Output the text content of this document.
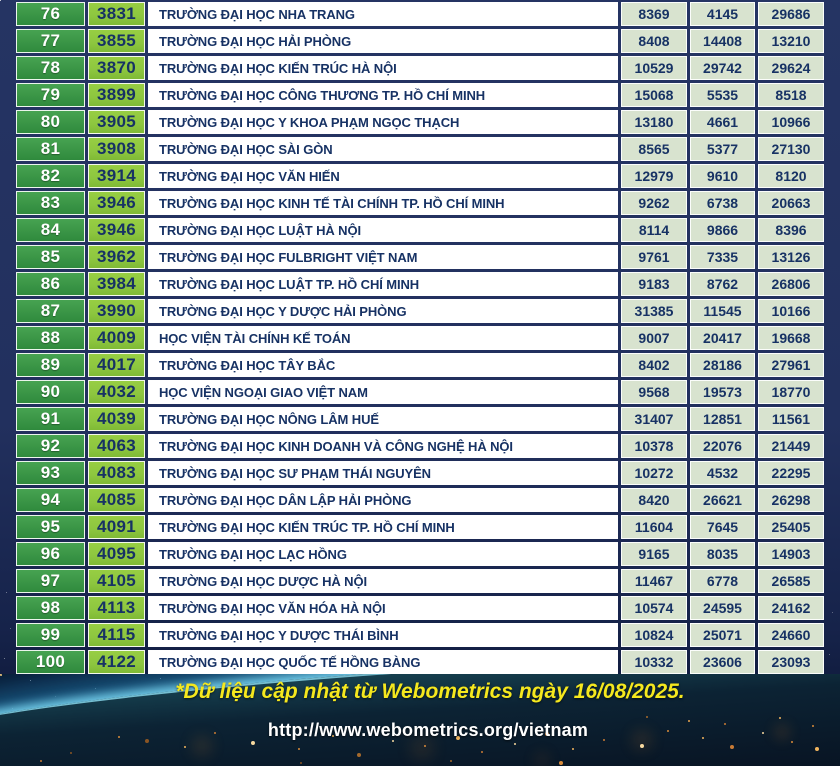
76	3831	TRƯỜNG ĐẠI HỌC NHA TRANG	8369	4145	29686
77	3855	TRƯỜNG ĐẠI HỌC HẢI PHÒNG	8408	14408	13210
78	3870	TRƯỜNG ĐẠI HỌC KIẾN TRÚC HÀ NỘI	10529	29742	29624
79	3899	TRƯỜNG ĐẠI HỌC CÔNG THƯƠNG TP. HỒ CHÍ MINH	15068	5535	8518
80	3905	TRƯỜNG ĐẠI HỌC Y KHOA PHẠM NGỌC THẠCH	13180	4661	10966
81	3908	TRƯỜNG ĐẠI HỌC SÀI GÒN	8565	5377	27130
82	3914	TRƯỜNG ĐẠI HỌC VĂN HIẾN	12979	9610	8120
83	3946	TRƯỜNG ĐẠI HỌC KINH TẾ TÀI CHÍNH TP. HỒ CHÍ MINH	9262	6738	20663
84	3946	TRƯỜNG ĐẠI HỌC LUẬT HÀ NỘI	8114	9866	8396
85	3962	TRƯỜNG ĐẠI HỌC FULBRIGHT VIỆT NAM	9761	7335	13126
86	3984	TRƯỜNG ĐẠI HỌC LUẬT TP. HỒ CHÍ MINH	9183	8762	26806
87	3990	TRƯỜNG ĐẠI HỌC Y DƯỢC HẢI PHÒNG	31385	11545	10166
88	4009	HỌC VIỆN TÀI CHÍNH KẾ TOÁN	9007	20417	19668
89	4017	TRƯỜNG ĐẠI HỌC TÂY BẮC	8402	28186	27961
90	4032	HỌC VIỆN NGOẠI GIAO VIỆT NAM	9568	19573	18770
91	4039	TRƯỜNG ĐẠI HỌC NÔNG LÂM HUẾ	31407	12851	11561
92	4063	TRƯỜNG ĐẠI HỌC KINH DOANH VÀ CÔNG NGHỆ HÀ NỘI	10378	22076	21449
93	4083	TRƯỜNG ĐẠI HỌC SƯ PHẠM THÁI NGUYÊN	10272	4532	22295
94	4085	TRƯỜNG ĐẠI HỌC DÂN LẬP HẢI PHÒNG	8420	26621	26298
95	4091	TRƯỜNG ĐẠI HỌC KIẾN TRÚC TP. HỒ CHÍ MINH	11604	7645	25405
96	4095	TRƯỜNG ĐẠI HỌC LẠC HỒNG	9165	8035	14903
97	4105	TRƯỜNG ĐẠI HỌC DƯỢC HÀ NỘI	11467	6778	26585
98	4113	TRƯỜNG ĐẠI HỌC VĂN HÓA HÀ NỘI	10574	24595	24162
99	4115	TRƯỜNG ĐẠI HỌC Y DƯỢC THÁI BÌNH	10824	25071	24660
100	4122	TRƯỜNG ĐẠI HỌC QUỐC TẾ HỒNG BÀNG	10332	23606	23093
*Dữ liệu cập nhật từ Webometrics ngày 16/08/2025.
http://www.webometrics.org/vietnam
